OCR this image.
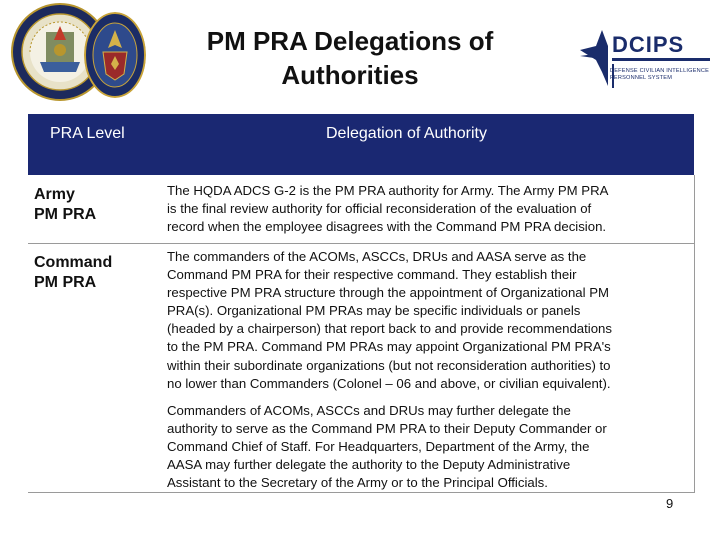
PM PRA Delegations of
Authorities
DCIPS
DEFENSE CIVILIAN INTELLIGENCE
PERSONNEL SYSTEM
PRA Level	Delegation of Authority
Army
PM PRA
The HQDA ADCS G-2 is the PM PRA authority for Army. The Army PM PRA
is the final review authority for official reconsideration of the evaluation of
record when the employee disagrees with the Command PM PRA decision.
Command
PM PRA
The commanders of the ACOMs, ASCCs, DRUs and AASA serve as the
Command PM PRA for their respective command. They establish their
respective PM PRA structure through the appointment of Organizational PM
PRA(s). Organizational PM PRAs may be specific individuals or panels
(headed by a chairperson) that report back to and provide recommendations
to the PM PRA. Command PM PRAs may appoint Organizational PM PRA's
within their subordinate organizations (but not reconsideration authorities) to
no lower than Commanders (Colonel – 06 and above, or civilian equivalent).
Commanders of ACOMs, ASCCs and DRUs may further delegate the
authority to serve as the Command PM PRA to their Deputy Commander or
Command Chief of Staff. For Headquarters, Department of the Army, the
AASA may further delegate the authority to the Deputy Administrative
Assistant to the Secretary of the Army or to the Principal Officials.
9
